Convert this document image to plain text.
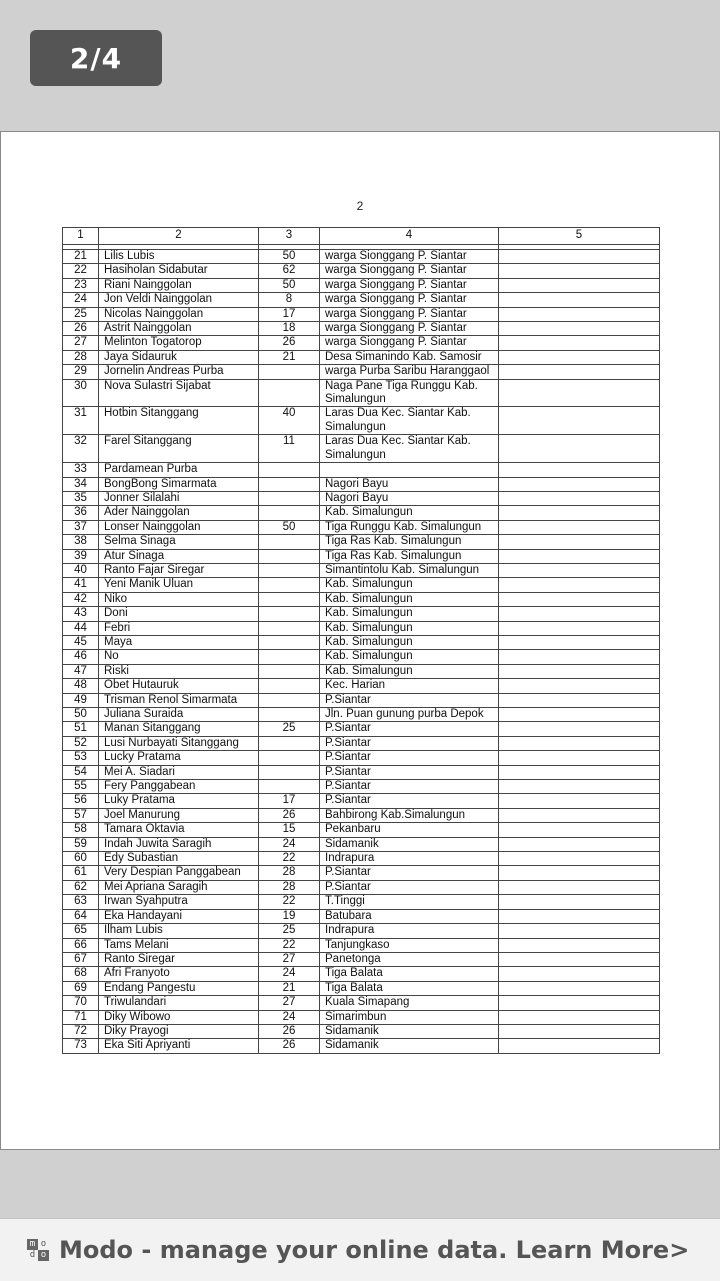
2/4
2
1	2	3	4	5

21	Lilis Lubis	50	warga Sionggang P. Siantar	
22	Hasiholan Sidabutar	62	warga Sionggang P. Siantar	
23	Riani Nainggolan	50	warga Sionggang P. Siantar	
24	Jon Veldi Nainggolan	8	warga Sionggang P. Siantar	
25	Nicolas Nainggolan	17	warga Sionggang P. Siantar	
26	Astrit Nainggolan	18	warga Sionggang P. Siantar	
27	Melinton Togatorop	26	warga Sionggang P. Siantar	
28	Jaya Sidauruk	21	Desa Simanindo Kab. Samosir	
29	Jornelin Andreas Purba		warga Purba Saribu Haranggaol	
30	Nova Sulastri Sijabat		Naga Pane Tiga Runggu Kab. Simalungun	
31	Hotbin Sitanggang	40	Laras Dua Kec. Siantar Kab. Simalungun	
32	Farel Sitanggang	11	Laras Dua Kec. Siantar Kab. Simalungun	
33	Pardamean Purba			
34	BongBong Simarmata		Nagori Bayu	
35	Jonner Silalahi		Nagori Bayu	
36	Ader Nainggolan		Kab. Simalungun	
37	Lonser Nainggolan	50	Tiga Runggu Kab. Simalungun	
38	Selma Sinaga		Tiga Ras Kab. Simalungun	
39	Atur Sinaga		Tiga Ras Kab. Simalungun	
40	Ranto Fajar Siregar		Simantintolu Kab. Simalungun	
41	Yeni Manik Uluan		Kab. Simalungun	
42	Niko		Kab. Simalungun	
43	Doni		Kab. Simalungun	
44	Febri		Kab. Simalungun	
45	Maya		Kab. Simalungun	
46	No		Kab. Simalungun	
47	Riski		Kab. Simalungun	
48	Obet Hutauruk		Kec. Harian	
49	Trisman Renol Simarmata		P.Siantar	
50	Juliana Suraida		Jln. Puan gunung purba Depok	
51	Manan Sitanggang	25	P.Siantar	
52	Lusi Nurbayati Sitanggang		P.Siantar	
53	Lucky Pratama		P.Siantar	
54	Mei A. Siadari		P.Siantar	
55	Fery Panggabean		P.Siantar	
56	Luky Pratama	17	P.Siantar	
57	Joel Manurung	26	Bahbirong Kab.Simalungun	
58	Tamara Oktavia	15	Pekanbaru	
59	Indah Juwita Saragih	24	Sidamanik	
60	Edy Subastian	22	Indrapura	
61	Very Despian Panggabean	28	P.Siantar	
62	Mei Apriana Saragih	28	P.Siantar	
63	Irwan Syahputra	22	T.Tinggi	
64	Eka Handayani	19	Batubara	
65	Ilham Lubis	25	Indrapura	
66	Tams Melani	22	Tanjungkaso	
67	Ranto Siregar	27	Panetonga	
68	Afri Franyoto	24	Tiga Balata	
69	Endang Pangestu	21	Tiga Balata	
70	Triwulandari	27	Kuala Simapang	
71	Diky Wibowo	24	Simarimbun	
72	Diky Prayogi	26	Sidamanik	
73	Eka Siti Apriyanti	26	Sidamanik	
m o
d o Modo - manage your online data. Learn More>
